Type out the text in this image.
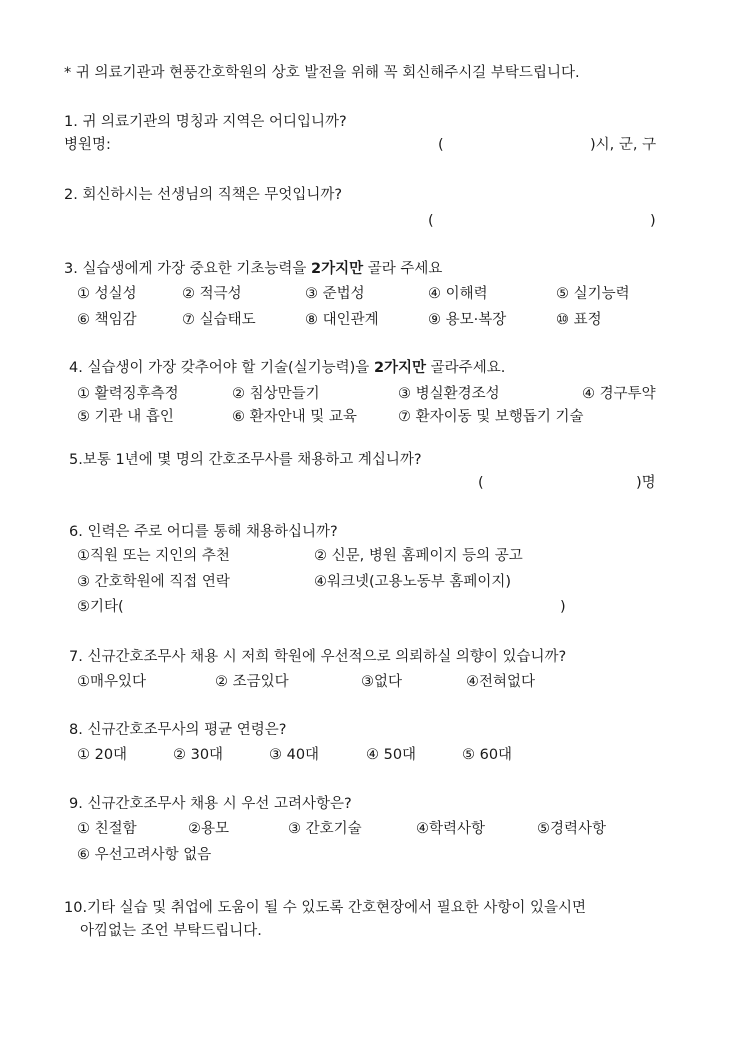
* 귀 의료기관과 현풍간호학원의 상호 발전을 위해 꼭 회신해주시길 부탁드립니다.
1. 귀 의료기관의 명칭과 지역은 어디입니까?
병원명:	(	)시, 군, 구
2. 회신하시는 선생님의 직책은 무엇입니까?
(	)
3. 실습생에게 가장 중요한 기초능력을 2가지만 골라 주세요
① 성실성	② 적극성	③ 준법성	④ 이해력	⑤ 실기능력
⑥ 책임감	⑦ 실습태도	⑧ 대인관계	⑨ 용모·복장	⑩ 표정
4. 실습생이 가장 갖추어야 할 기술(실기능력)을 2가지만 골라주세요.
① 활력징후측정	② 침상만들기	③ 병실환경조성	④ 경구투약
⑤ 기관 내 흡인	⑥ 환자안내 및 교육	⑦ 환자이동 및 보행돕기 기술
5.보통 1년에 몇 명의 간호조무사를 채용하고 계십니까?
(	)명
6. 인력은 주로 어디를 통해 채용하십니까?
①직원 또는 지인의 추천	② 신문, 병원 홈페이지 등의 공고
③ 간호학원에 직접 연락	④워크넷(고용노동부 홈페이지)
⑤기타(	)
7. 신규간호조무사 채용 시 저희 학원에 우선적으로 의뢰하실 의향이 있습니까?
①매우있다	② 조금있다	③없다	④전혀없다
8. 신규간호조무사의 평균 연령은?
① 20대	② 30대	③ 40대	④ 50대	⑤ 60대
9. 신규간호조무사 채용 시 우선 고려사항은?
① 친절함	②용모	③ 간호기술	④학력사항	⑤경력사항
⑥ 우선고려사항 없음
10.기타 실습 및 취업에 도움이 될 수 있도록 간호현장에서 필요한 사항이 있을시면
아낌없는 조언 부탁드립니다.
